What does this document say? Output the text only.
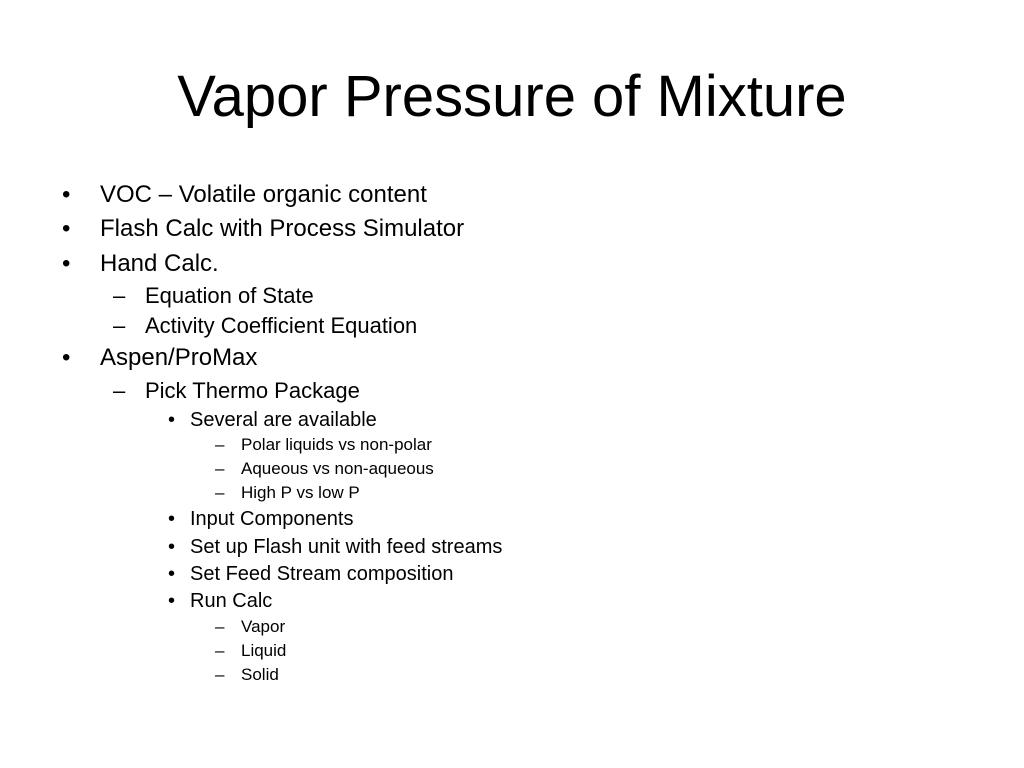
Vapor Pressure of Mixture
• VOC – Volatile organic content
• Flash Calc with Process Simulator
• Hand Calc.
– Equation of State
– Activity Coefficient Equation
• Aspen/ProMax
– Pick Thermo Package
• Several are available
– Polar liquids vs non-polar
– Aqueous vs non-aqueous
– High P vs low P
• Input Components
• Set up Flash unit with feed streams
• Set Feed Stream composition
• Run Calc
– Vapor
– Liquid
– Solid
